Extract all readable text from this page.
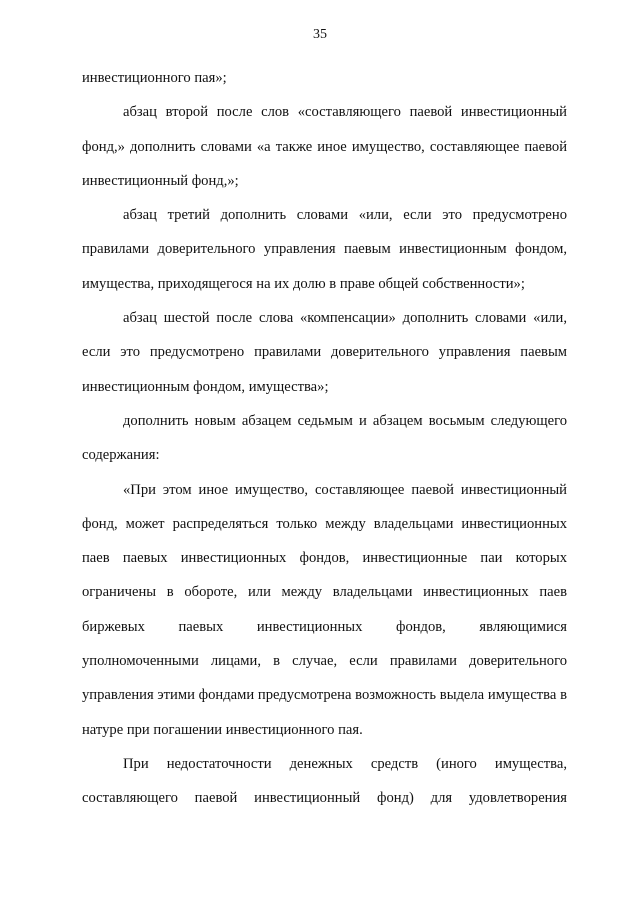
35

инвестиционного пая»;

абзац второй после слов «составляющего паевой инвестиционный фонд,» дополнить словами «а также иное имущество, составляющее паевой инвестиционный фонд,»;

абзац третий дополнить словами «или, если это предусмотрено правилами доверительного управления паевым инвестиционным фондом, имущества, приходящегося на их долю в праве общей собственности»;

абзац шестой после слова «компенсации» дополнить словами «или, если это предусмотрено правилами доверительного управления паевым инвестиционным фондом, имущества»;

дополнить новым абзацем седьмым и абзацем восьмым следующего содержания:

«При этом иное имущество, составляющее паевой инвестиционный фонд, может распределяться только между владельцами инвестиционных паев паевых инвестиционных фондов, инвестиционные паи которых ограничены в обороте, или между владельцами инвестиционных паев биржевых паевых инвестиционных фондов, являющимися уполномоченными лицами, в случае, если правилами доверительного управления этими фондами предусмотрена возможность выдела имущества в натуре при погашении инвестиционного пая.

При недостаточности денежных средств (иного имущества, составляющего паевой инвестиционный фонд) для удовлетворения
